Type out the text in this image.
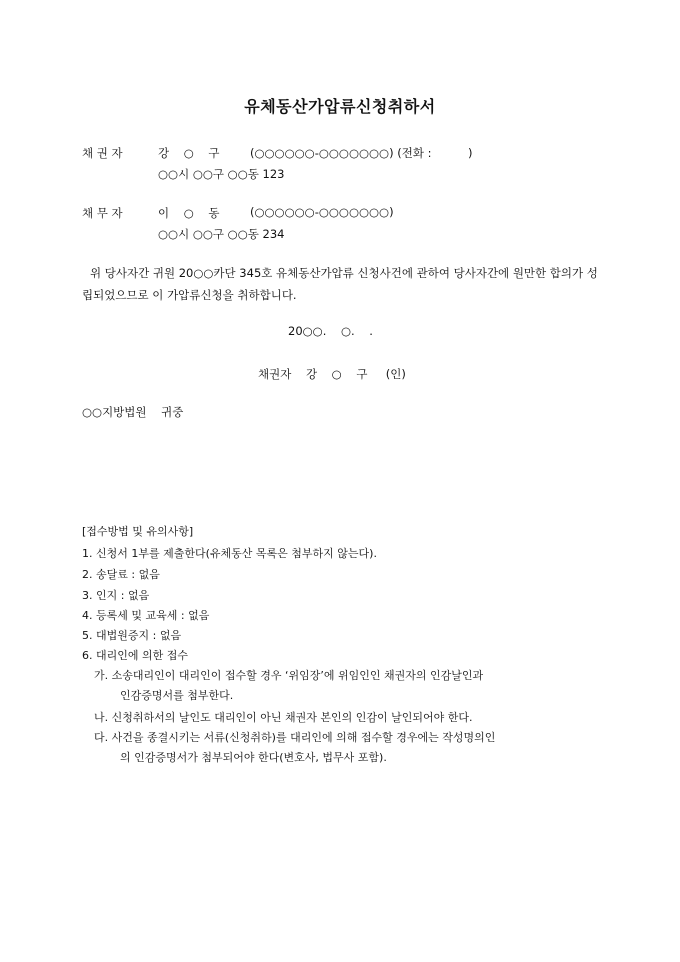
유체동산가압류신청취하서
채 권 자	강    ○    구	(○○○○○○-○○○○○○○) (전화 :          )
○○시 ○○구 ○○동 123
채 무 자	이    ○    동	(○○○○○○-○○○○○○○)
○○시 ○○구 ○○동 234
위 당사자간 귀원 20○○카단 345호 유체동산가압류 신청사건에 관하여 당사자간에 원만한 합의가 성립되었으므로 이 가압류신청을 취하합니다.
20○○.    ○.    .
채권자    강    ○    구     (인)
○○지방법원    귀중
[접수방법 및 유의사항]
1. 신청서 1부를 제출한다(유체동산 목록은 첨부하지 않는다).
2. 송달료 : 없음
3. 인지 : 없음
4. 등록세 및 교육세 : 없음
5. 대법원증지 : 없음
6. 대리인에 의한 접수
가. 소송대리인이 대리인이 접수할 경우 ‘위임장’에 위임인인 채권자의 인감날인과
인감증명서를 첨부한다.
나. 신청취하서의 날인도 대리인이 아닌 채권자 본인의 인감이 날인되어야 한다.
다. 사건을 종결시키는 서류(신청취하)를 대리인에 의해 접수할 경우에는 작성명의인
의 인감증명서가 첨부되어야 한다(변호사, 법무사 포함).
